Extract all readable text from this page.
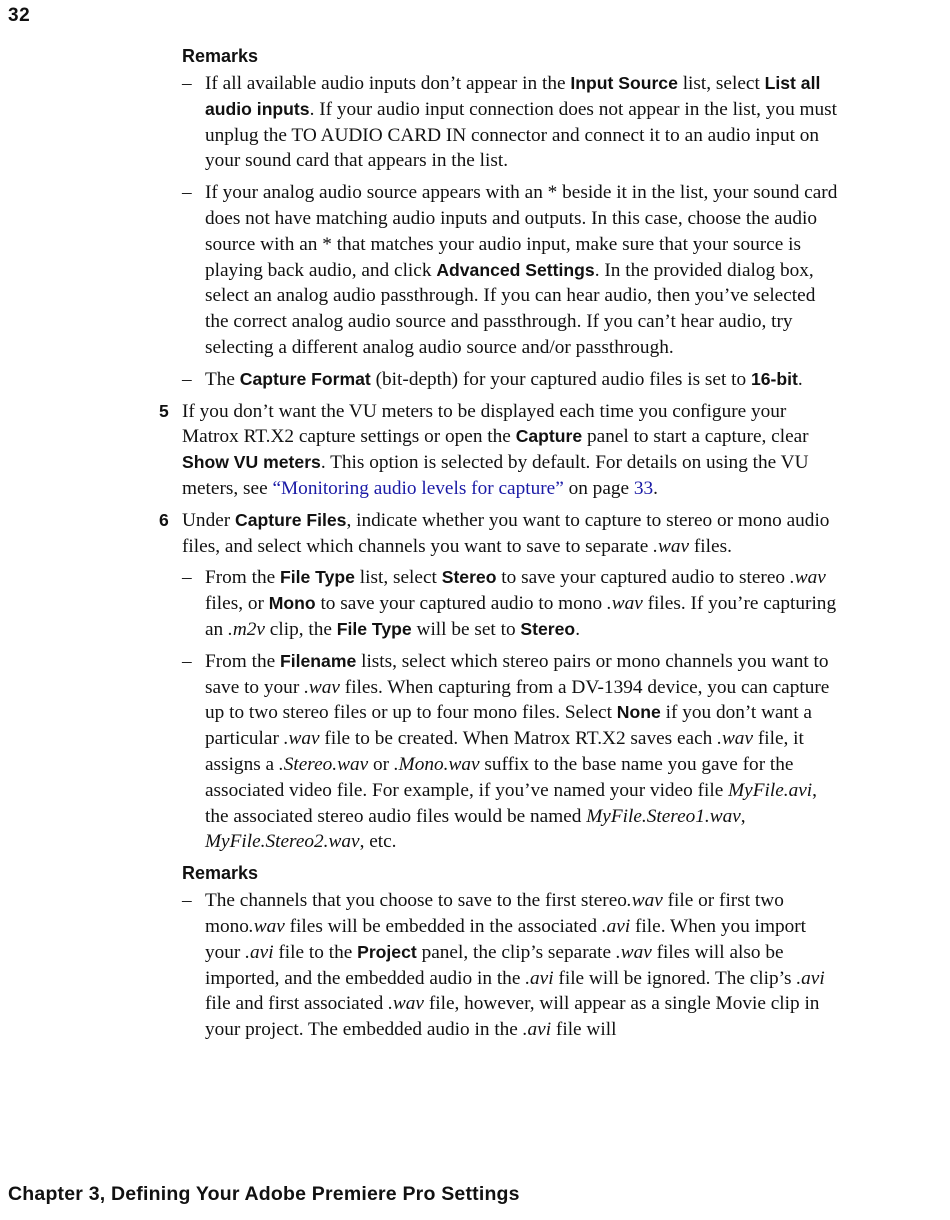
32
Remarks
– If all available audio inputs don’t appear in the Input Source list, select List all audio inputs. If your audio input connection does not appear in the list, you must unplug the TO AUDIO CARD IN connector and connect it to an audio input on your sound card that appears in the list.
– If your analog audio source appears with an * beside it in the list, your sound card does not have matching audio inputs and outputs. In this case, choose the audio source with an * that matches your audio input, make sure that your source is playing back audio, and click Advanced Settings. In the provided dialog box, select an analog audio passthrough. If you can hear audio, then you’ve selected the correct analog audio source and passthrough. If you can’t hear audio, try selecting a different analog audio source and/or passthrough.
– The Capture Format (bit-depth) for your captured audio files is set to 16-bit.
5 If you don’t want the VU meters to be displayed each time you configure your Matrox RT.X2 capture settings or open the Capture panel to start a capture, clear Show VU meters. This option is selected by default. For details on using the VU meters, see “Monitoring audio levels for capture” on page 33.
6 Under Capture Files, indicate whether you want to capture to stereo or mono audio files, and select which channels you want to save to separate .wav files.
– From the File Type list, select Stereo to save your captured audio to stereo .wav files, or Mono to save your captured audio to mono .wav files. If you’re capturing an .m2v clip, the File Type will be set to Stereo.
– From the Filename lists, select which stereo pairs or mono channels you want to save to your .wav files. When capturing from a DV-1394 device, you can capture up to two stereo files or up to four mono files. Select None if you don’t want a particular .wav file to be created. When Matrox RT.X2 saves each .wav file, it assigns a .Stereo.wav or .Mono.wav suffix to the base name you gave for the associated video file. For example, if you’ve named your video file MyFile.avi, the associated stereo audio files would be named MyFile.Stereo1.wav, MyFile.Stereo2.wav, etc.
Remarks
– The channels that you choose to save to the first stereo.wav file or first two mono.wav files will be embedded in the associated .avi file. When you import your .avi file to the Project panel, the clip’s separate .wav files will also be imported, and the embedded audio in the .avi file will be ignored. The clip’s .avi file and first associated .wav file, however, will appear as a single Movie clip in your project. The embedded audio in the .avi file will
Chapter 3, Defining Your Adobe Premiere Pro Settings
